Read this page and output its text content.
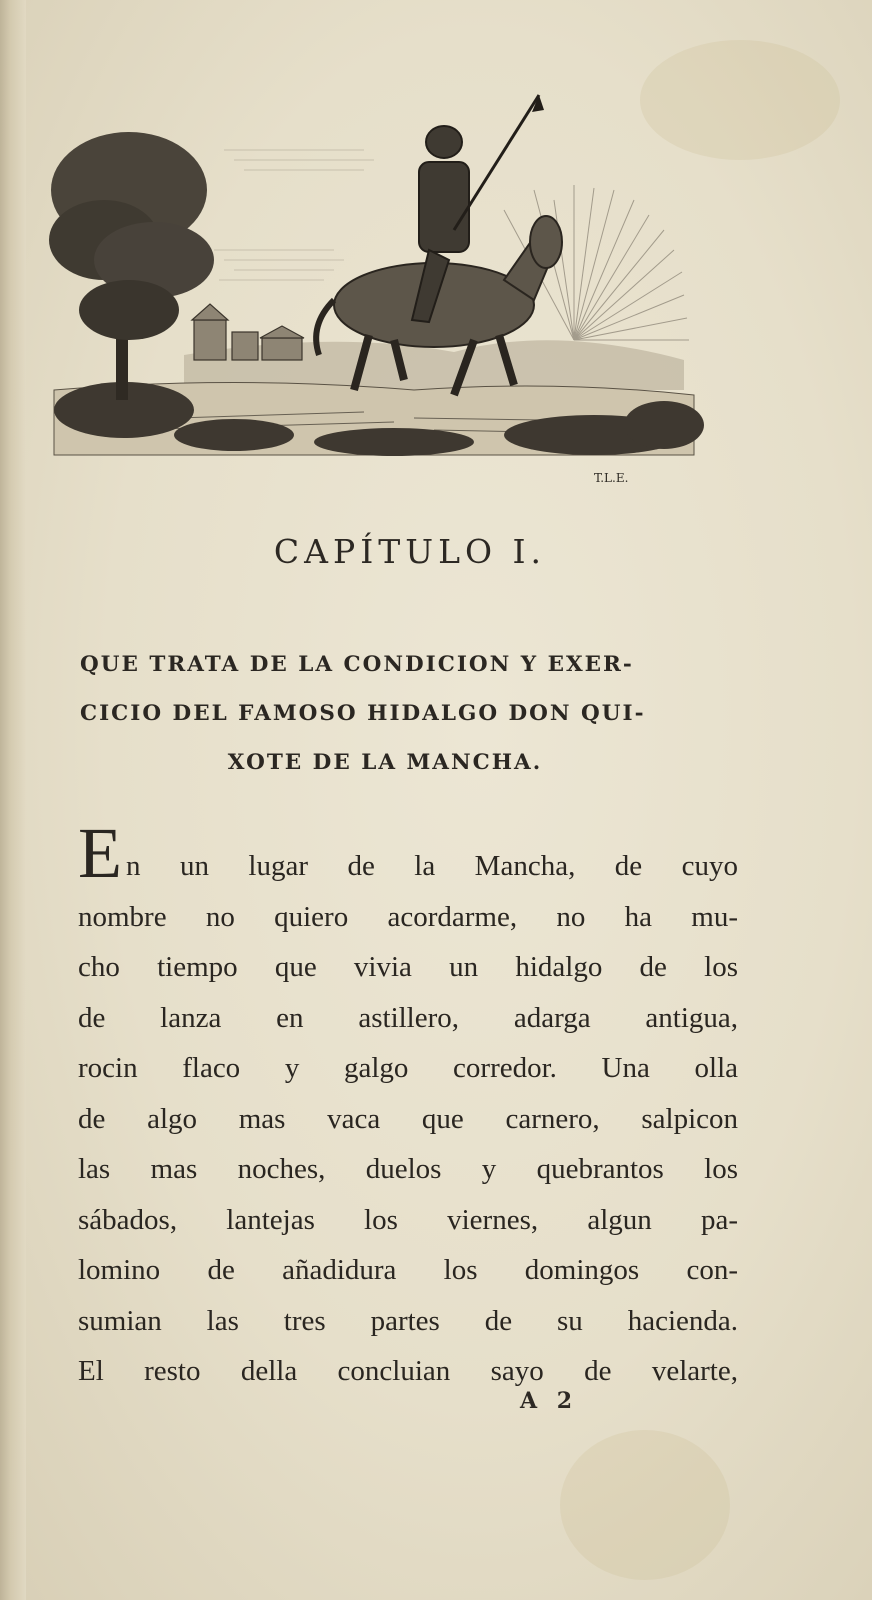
T.L.E.
CAPÍTULO I.
QUE TRATA DE LA CONDICION Y EXER-
CICIO DEL FAMOSO HIDALGO DON QUI-
XOTE DE LA MANCHA.
E n un lugar de la Mancha, de cuyo
nombre no quiero acordarme, no ha mu-
cho tiempo que vivia un hidalgo de los
de lanza en astillero, adarga antigua,
rocin flaco y galgo corredor. Una olla
de algo mas vaca que carnero, salpicon
las mas noches, duelos y quebrantos los
sábados, lantejas los viernes, algun pa-
lomino de añadidura los domingos con-
sumian las tres partes de su hacienda.
El resto della concluian sayo de velarte,
A 2
